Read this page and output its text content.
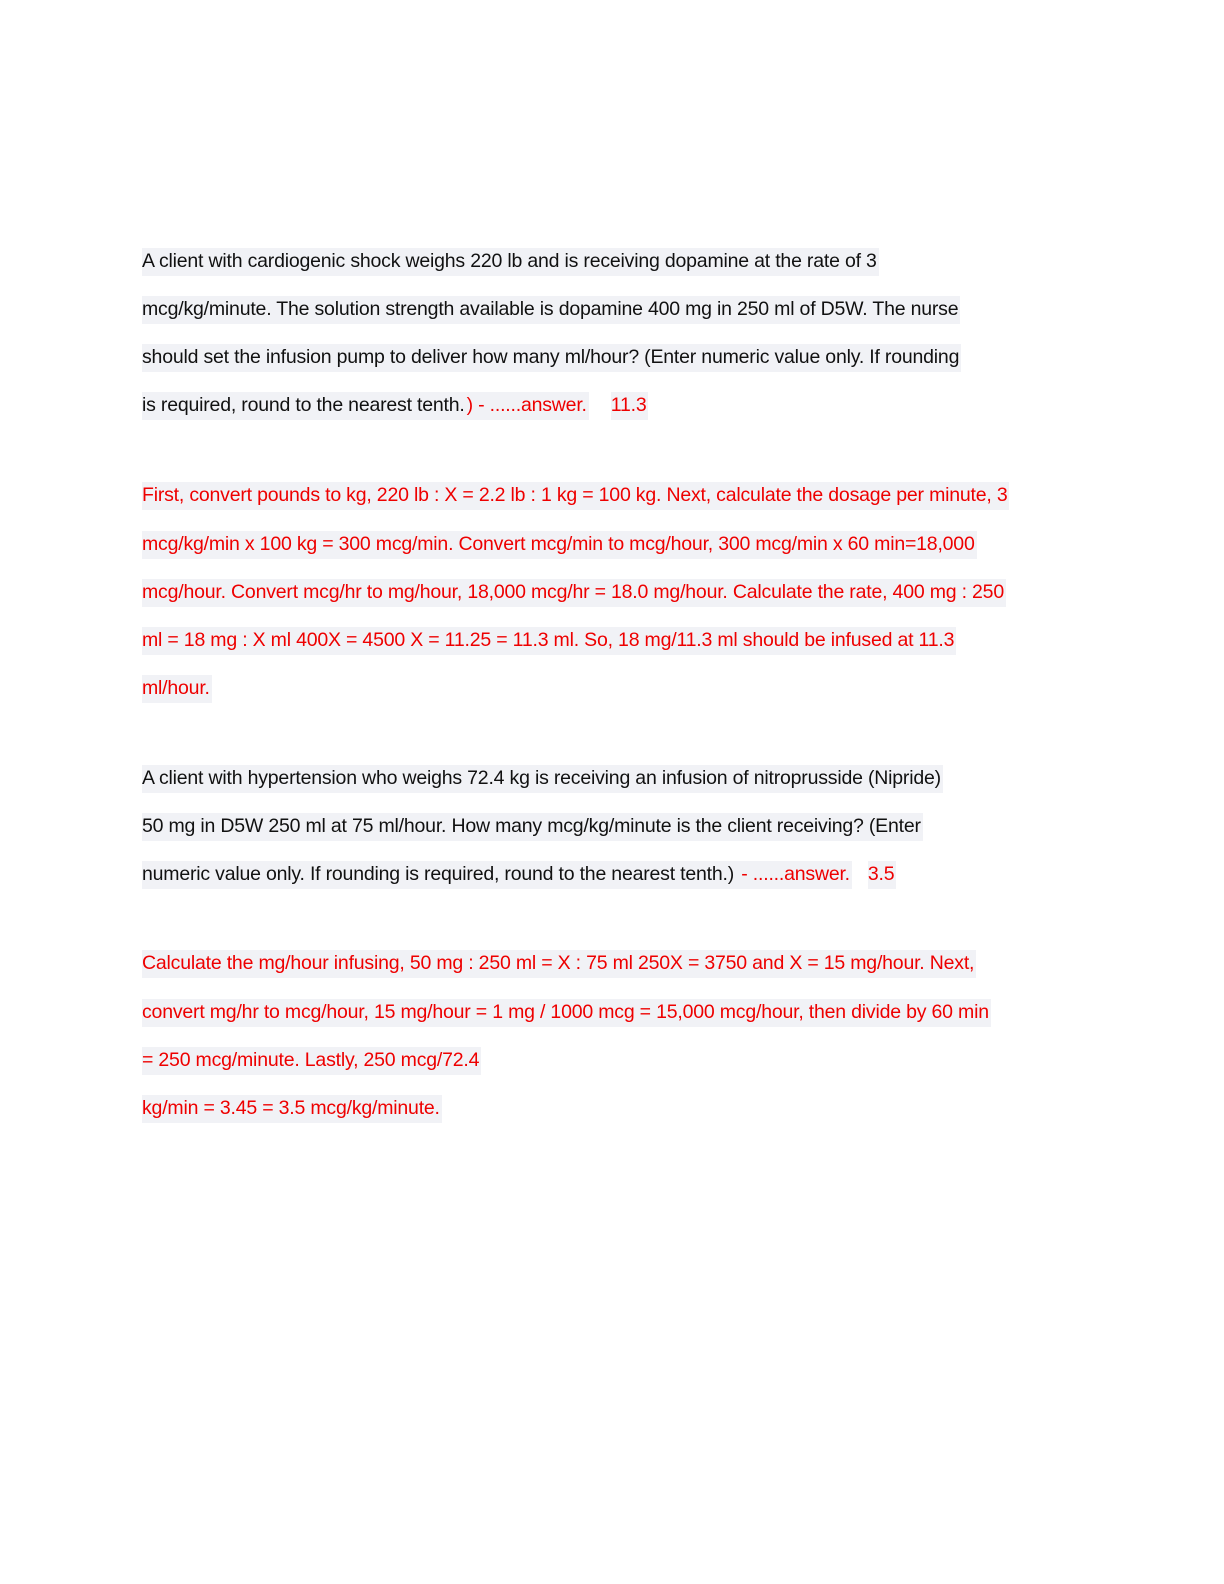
A client with cardiogenic shock weighs 220 lb and is receiving dopamine at the rate of 3
mcg/kg/minute. The solution strength available is dopamine 400 mg in 250 ml of D5W. The nurse
should set the infusion pump to deliver how many ml/hour? (Enter numeric value only. If rounding
is required, round to the nearest tenth. ) - ......answer. 11.3
First, convert pounds to kg, 220 lb : X = 2.2 lb : 1 kg = 100 kg. Next, calculate the dosage per minute, 3
mcg/kg/min x 100 kg = 300 mcg/min. Convert mcg/min to mcg/hour, 300 mcg/min x 60 min=18,000
mcg/hour. Convert mcg/hr to mg/hour, 18,000 mcg/hr = 18.0 mg/hour. Calculate the rate, 400 mg : 250
ml = 18 mg : X ml 400X = 4500 X = 11.25 = 11.3 ml. So, 18 mg/11.3 ml should be infused at 11.3
ml/hour.
A client with hypertension who weighs 72.4 kg is receiving an infusion of nitroprusside (Nipride)
50 mg in D5W 250 ml at 75 ml/hour. How many mcg/kg/minute is the client receiving? (Enter
numeric value only. If rounding is required, round to the nearest tenth.) - ......answer. 3.5
Calculate the mg/hour infusing, 50 mg : 250 ml = X : 75 ml 250X = 3750 and X = 15 mg/hour. Next,
convert mg/hr to mcg/hour, 15 mg/hour = 1 mg / 1000 mcg = 15,000 mcg/hour, then divide by 60 min
= 250 mcg/minute. Lastly, 250 mcg/72.4
kg/min = 3.45 = 3.5 mcg/kg/minute.
